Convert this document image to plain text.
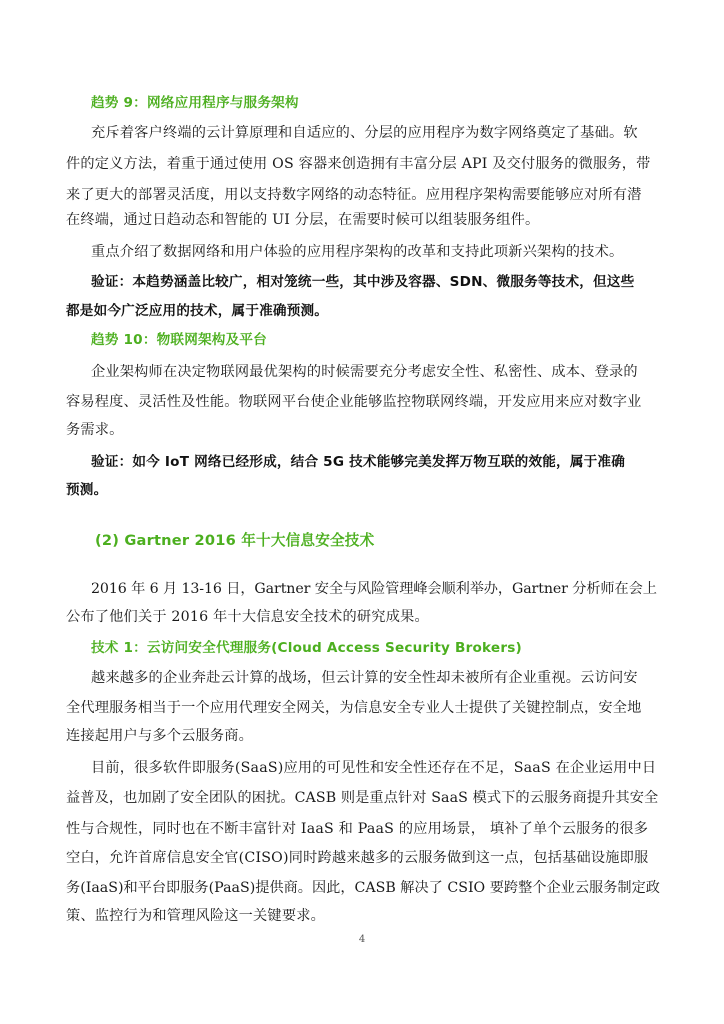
趋势 9：网络应用程序与服务架构
充斥着客户终端的云计算原理和自适应的、分层的应用程序为数字网络奠定了基础。软
件的定义方法，着重于通过使用 OS 容器来创造拥有丰富分层 API 及交付服务的微服务，带
来了更大的部署灵活度，用以支持数字网络的动态特征。应用程序架构需要能够应对所有潜
在终端，通过日趋动态和智能的 UI 分层，在需要时候可以组装服务组件。
重点介绍了数据网络和用户体验的应用程序架构的改革和支持此项新兴架构的技术。
验证：本趋势涵盖比较广，相对笼统一些，其中涉及容器、SDN、微服务等技术，但这些
都是如今广泛应用的技术，属于准确预测。
趋势 10：物联网架构及平台
企业架构师在决定物联网最优架构的时候需要充分考虑安全性、私密性、成本、登录的
容易程度、灵活性及性能。物联网平台使企业能够监控物联网终端，开发应用来应对数字业
务需求。
验证：如今 IoT 网络已经形成，结合 5G 技术能够完美发挥万物互联的效能，属于准确
预测。
(2) Gartner 2016 年十大信息安全技术
2016 年 6 月 13-16 日，Gartner 安全与风险管理峰会顺利举办，Gartner 分析师在会上
公布了他们关于 2016 年十大信息安全技术的研究成果。
技术 1：云访问安全代理服务(Cloud Access Security Brokers)
越来越多的企业奔赴云计算的战场，但云计算的安全性却未被所有企业重视。云访问安
全代理服务相当于一个应用代理安全网关，为信息安全专业人士提供了关键控制点，安全地
连接起用户与多个云服务商。
目前，很多软件即服务(SaaS)应用的可见性和安全性还存在不足，SaaS 在企业运用中日
益普及，也加剧了安全团队的困扰。CASB 则是重点针对 SaaS 模式下的云服务商提升其安全
性与合规性，同时也在不断丰富针对 IaaS 和 PaaS 的应用场景， 填补了单个云服务的很多
空白，允许首席信息安全官(CISO)同时跨越来越多的云服务做到这一点，包括基础设施即服
务(IaaS)和平台即服务(PaaS)提供商。因此，CASB 解决了 CSIO 要跨整个企业云服务制定政
策、监控行为和管理风险这一关键要求。
4
